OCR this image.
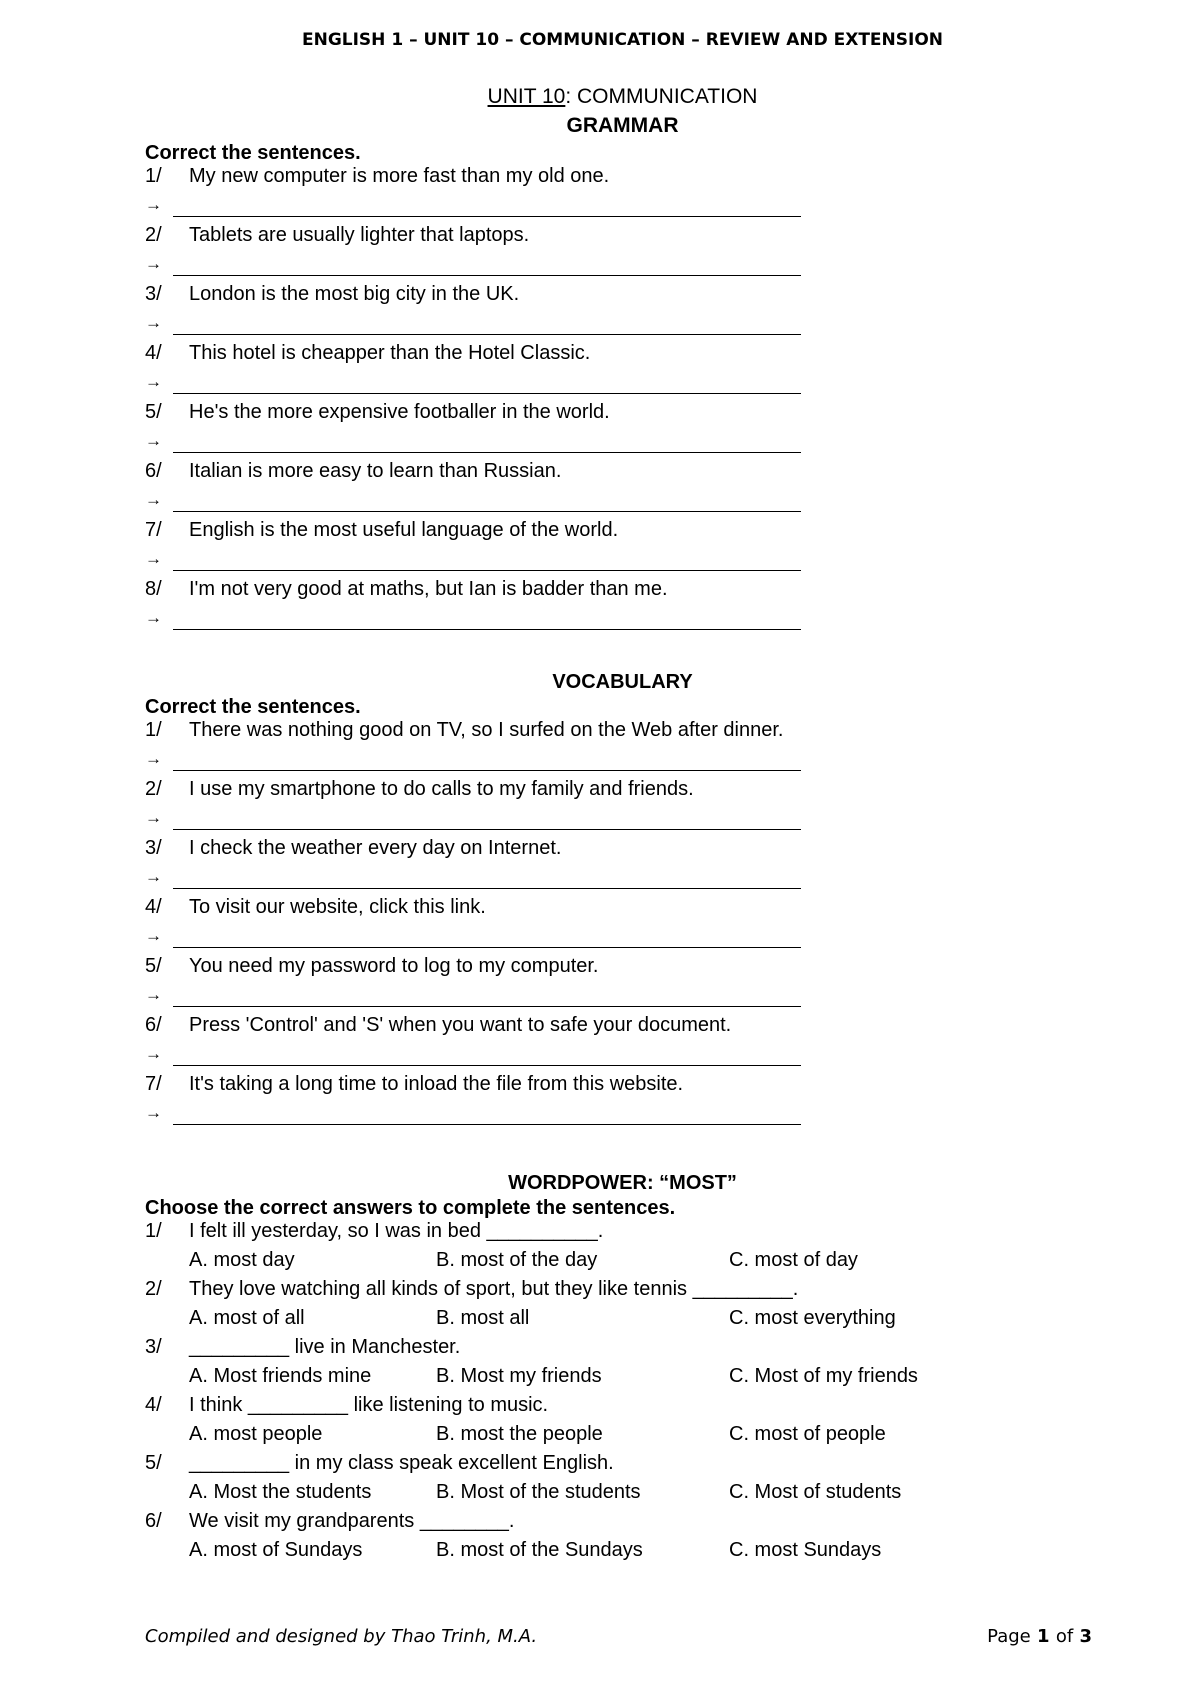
ENGLISH 1 – UNIT 10 – COMMUNICATION – REVIEW AND EXTENSION
UNIT 10: COMMUNICATION
GRAMMAR
Correct the sentences.
1/ My new computer is more fast than my old one.
→
2/ Tablets are usually lighter that laptops.
→
3/ London is the most big city in the UK.
→
4/ This hotel is cheapper than the Hotel Classic.
→
5/ He's the more expensive footballer in the world.
→
6/ Italian is more easy to learn than Russian.
→
7/ English is the most useful language of the world.
→
8/ I'm not very good at maths, but Ian is badder than me.
→
VOCABULARY
Correct the sentences.
1/ There was nothing good on TV, so I surfed on the Web after dinner.
→
2/ I use my smartphone to do calls to my family and friends.
→
3/ I check the weather every day on Internet.
→
4/ To visit our website, click this link.
→
5/ You need my password to log to my computer.
→
6/ Press 'Control' and 'S' when you want to safe your document.
→
7/ It's taking a long time to inload the file from this website.
→
WORDPOWER: “MOST”
Choose the correct answers to complete the sentences.
1/ I felt ill yesterday, so I was in bed __________.
A. most day	B. most of the day	C. most of day
2/ They love watching all kinds of sport, but they like tennis _________.
A. most of all	B. most all	C. most everything
3/ _________ live in Manchester.
A. Most friends mine	B. Most my friends	C. Most of my friends
4/ I think _________ like listening to music.
A. most people	B. most the people	C. most of people
5/ _________ in my class speak excellent English.
A. Most the students	B. Most of the students	C. Most of students
6/ We visit my grandparents ________.
A. most of Sundays	B. most of the Sundays	C. most Sundays
Compiled and designed by Thao Trinh, M.A.	Page 1 of 3
